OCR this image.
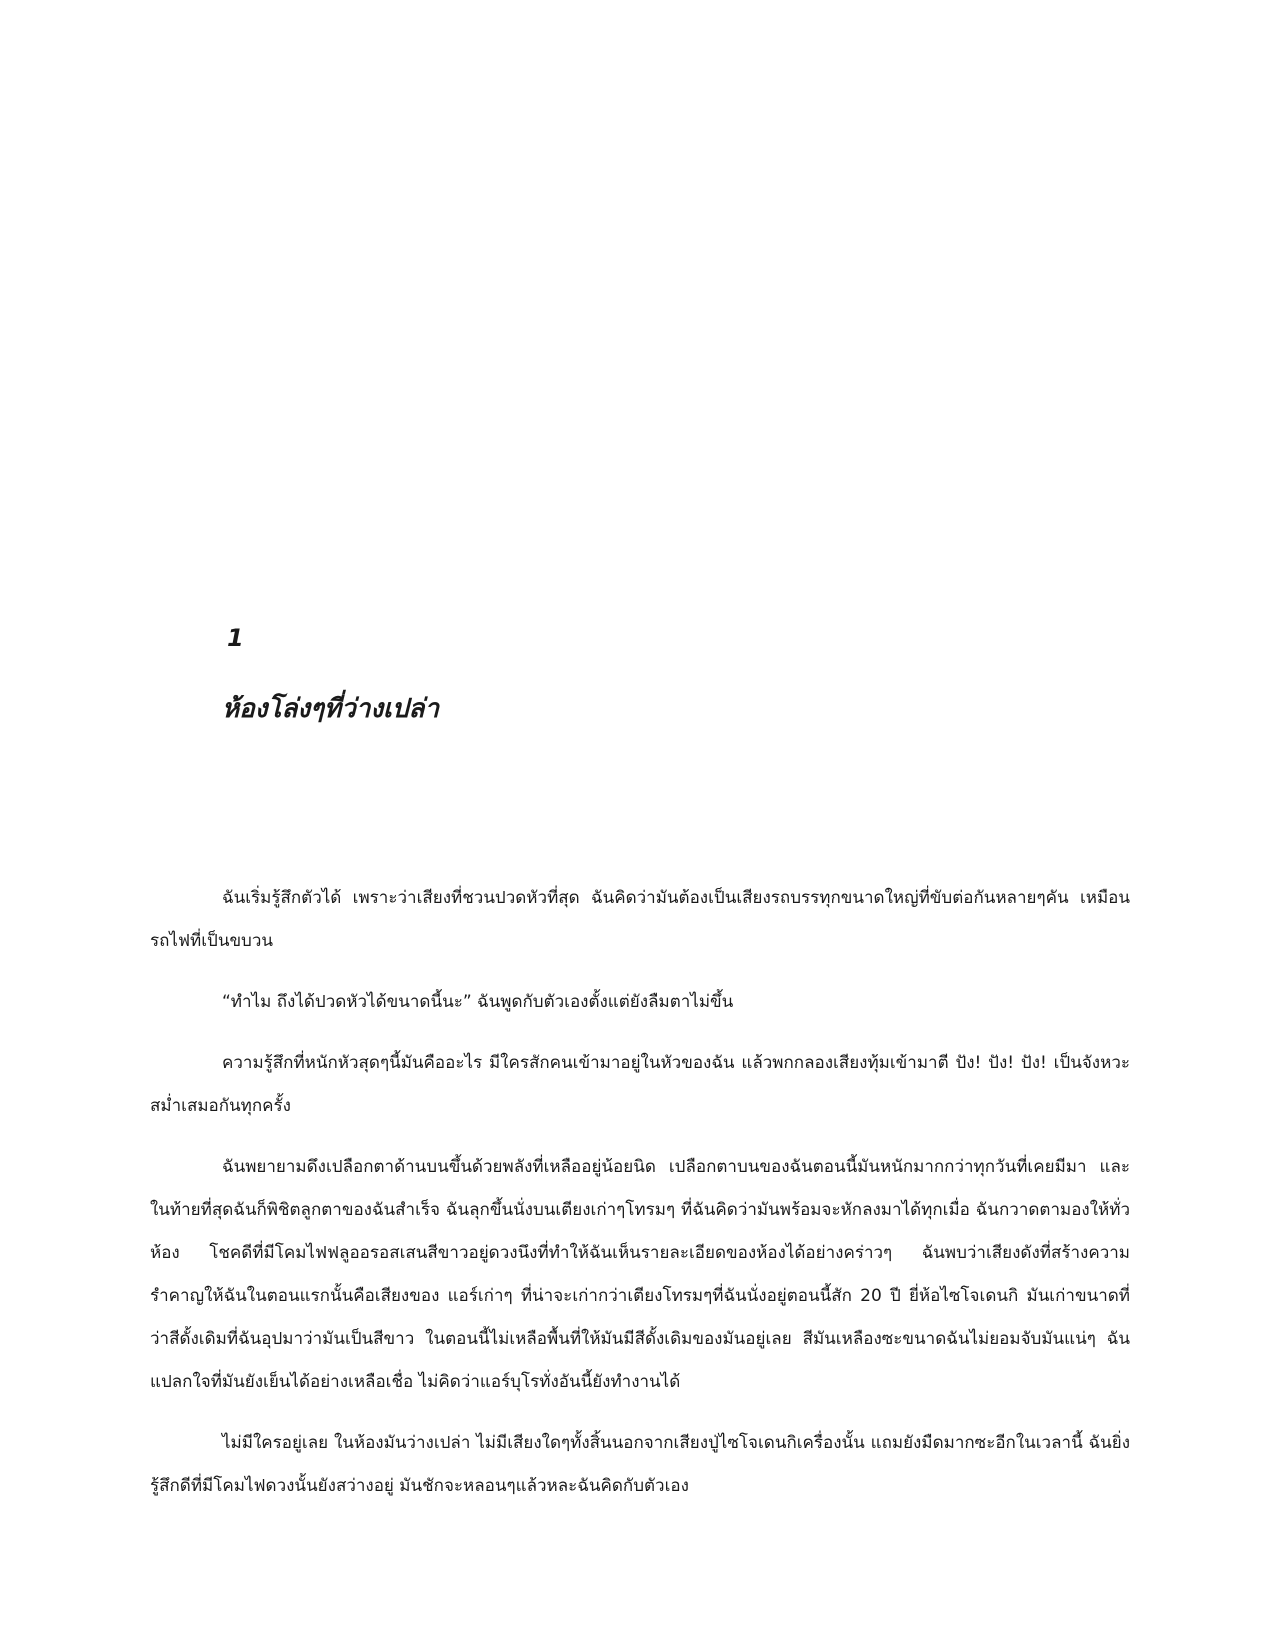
1
ห้องโล่งๆที่ว่างเปล่า

ฉันเริ่มรู้สึกตัวได้ เพราะว่าเสียงที่ชวนปวดหัวที่สุด ฉันคิดว่ามันต้องเป็นเสียงรถบรรทุกขนาดใหญ่ที่ขับต่อกันหลายๆคัน เหมือนรถไฟที่เป็นขบวน

“ทำไม ถึงได้ปวดหัวได้ขนาดนี้นะ” ฉันพูดกับตัวเองตั้งแต่ยังลืมตาไม่ขึ้น

ความรู้สึกที่หนักหัวสุดๆนี้มันคืออะไร มีใครสักคนเข้ามาอยู่ในหัวของฉัน แล้วพกกลองเสียงทุ้มเข้ามาตี ปัง! ปัง! ปัง! เป็นจังหวะสม่ำเสมอกันทุกครั้ง

ฉันพยายามดึงเปลือกตาด้านบนขึ้นด้วยพลังที่เหลืออยู่น้อยนิด เปลือกตาบนของฉันตอนนี้มันหนักมากกว่าทุกวันที่เคยมีมา และในท้ายที่สุดฉันก็พิชิตลูกตาของฉันสำเร็จ ฉันลุกขึ้นนั่งบนเตียงเก่าๆโทรมๆ ที่ฉันคิดว่ามันพร้อมจะหักลงมาได้ทุกเมื่อ ฉันกวาดตามองให้ทั่วห้อง โชคดีที่มีโคมไฟฟลูออรอสเสนสีขาวอยู่ดวงนึงที่ทำให้ฉันเห็นรายละเอียดของห้องได้อย่างคร่าวๆ ฉันพบว่าเสียงดังที่สร้างความรำคาญให้ฉันในตอนแรกนั้นคือเสียงของ แอร์เก่าๆ ที่น่าจะเก่ากว่าเตียงโทรมๆที่ฉันนั่งอยู่ตอนนี้สัก 20 ปี ยี่ห้อไซโจเดนกิ มันเก่าขนาดที่ว่าสีดั้งเดิมที่ฉันอุปมาว่ามันเป็นสีขาว ในตอนนี้ไม่เหลือพื้นที่ให้มันมีสีดั้งเดิมของมันอยู่เลย สีมันเหลืองซะขนาดฉันไม่ยอมจับมันแน่ๆ ฉันแปลกใจที่มันยังเย็นได้อย่างเหลือเชื่อ ไม่คิดว่าแอร์บุโรทั่งอันนี้ยังทำงานได้

ไม่มีใครอยู่เลย ในห้องมันว่างเปล่า ไม่มีเสียงใดๆทั้งสิ้นนอกจากเสียงปู่ไซโจเดนกิเครื่องนั้น แถมยังมืดมากซะอีกในเวลานี้ ฉันยิ่งรู้สึกดีที่มีโคมไฟดวงนั้นยังสว่างอยู่ มันชักจะหลอนๆแล้วหละฉันคิดกับตัวเอง
